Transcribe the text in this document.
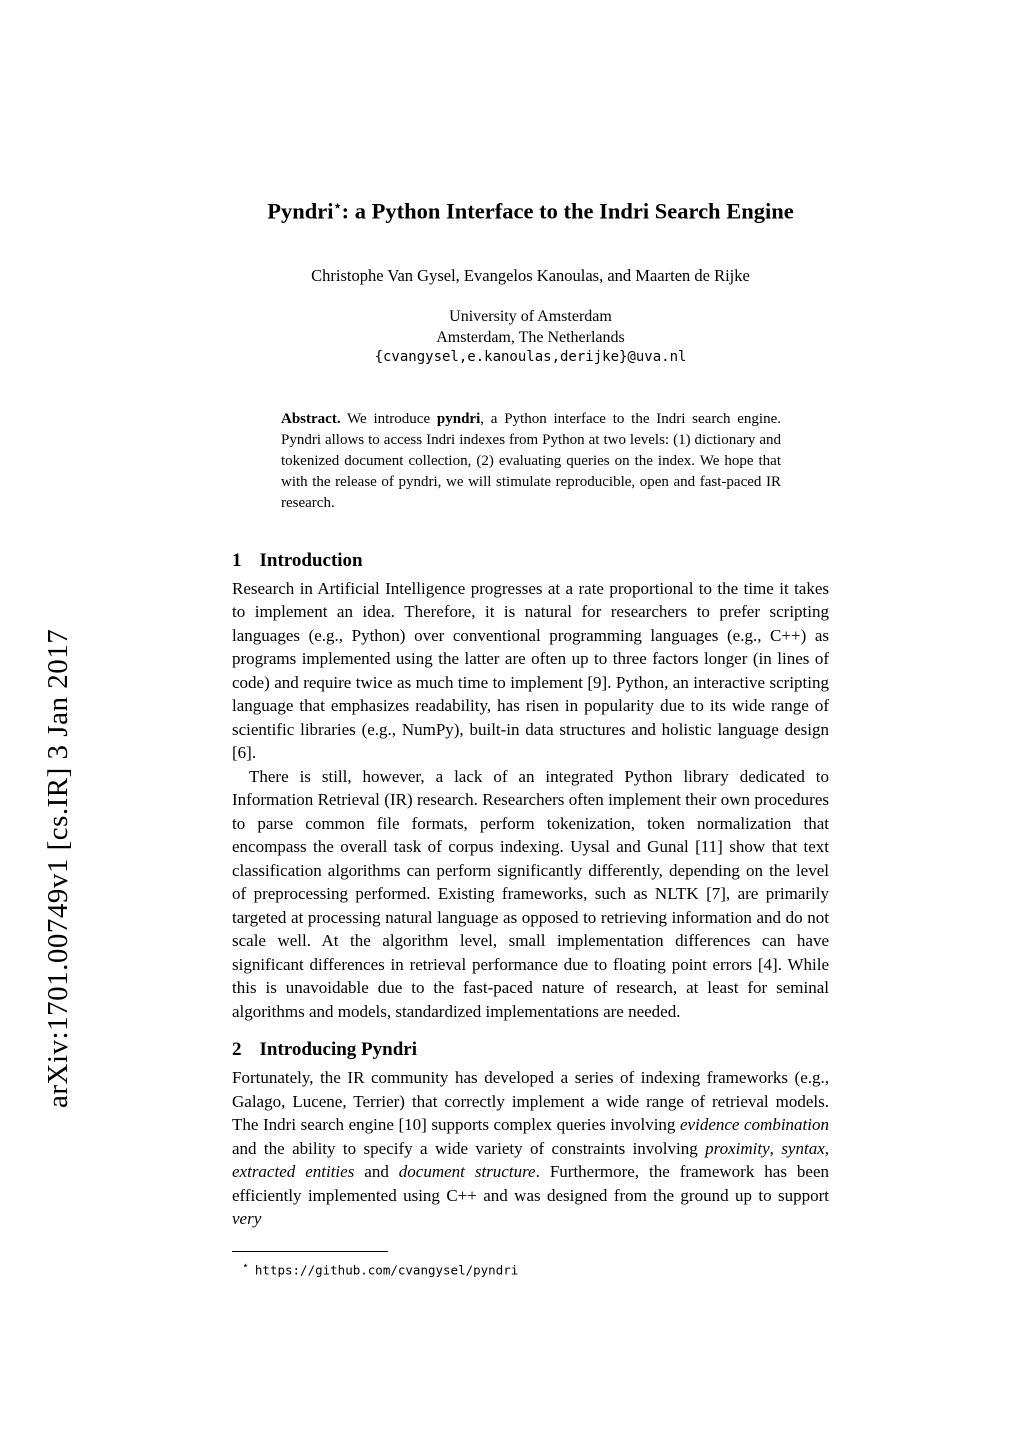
arXiv:1701.00749v1 [cs.IR] 3 Jan 2017
Pyndri⋆: a Python Interface to the Indri Search Engine
Christophe Van Gysel, Evangelos Kanoulas, and Maarten de Rijke
University of Amsterdam
Amsterdam, The Netherlands
{cvangysel,e.kanoulas,derijke}@uva.nl
Abstract. We introduce pyndri, a Python interface to the Indri search engine. Pyndri allows to access Indri indexes from Python at two levels: (1) dictionary and tokenized document collection, (2) evaluating queries on the index. We hope that with the release of pyndri, we will stimulate reproducible, open and fast-paced IR research.
1 Introduction

Research in Artificial Intelligence progresses at a rate proportional to the time it takes to implement an idea. Therefore, it is natural for researchers to prefer scripting languages (e.g., Python) over conventional programming languages (e.g., C++) as programs implemented using the latter are often up to three factors longer (in lines of code) and require twice as much time to implement [9]. Python, an interactive scripting language that emphasizes readability, has risen in popularity due to its wide range of scientific libraries (e.g., NumPy), built-in data structures and holistic language design [6].

There is still, however, a lack of an integrated Python library dedicated to Information Retrieval (IR) research. Researchers often implement their own procedures to parse common file formats, perform tokenization, token normalization that encompass the overall task of corpus indexing. Uysal and Gunal [11] show that text classification algorithms can perform significantly differently, depending on the level of preprocessing performed. Existing frameworks, such as NLTK [7], are primarily targeted at processing natural language as opposed to retrieving information and do not scale well. At the algorithm level, small implementation differences can have significant differences in retrieval performance due to floating point errors [4]. While this is unavoidable due to the fast-paced nature of research, at least for seminal algorithms and models, standardized implementations are needed.

2 Introducing Pyndri

Fortunately, the IR community has developed a series of indexing frameworks (e.g., Galago, Lucene, Terrier) that correctly implement a wide range of retrieval models. The Indri search engine [10] supports complex queries involving evidence combination and the ability to specify a wide variety of constraints involving proximity, syntax, extracted entities and document structure. Furthermore, the framework has been efficiently implemented using C++ and was designed from the ground up to support very

⋆ https://github.com/cvangysel/pyndri
